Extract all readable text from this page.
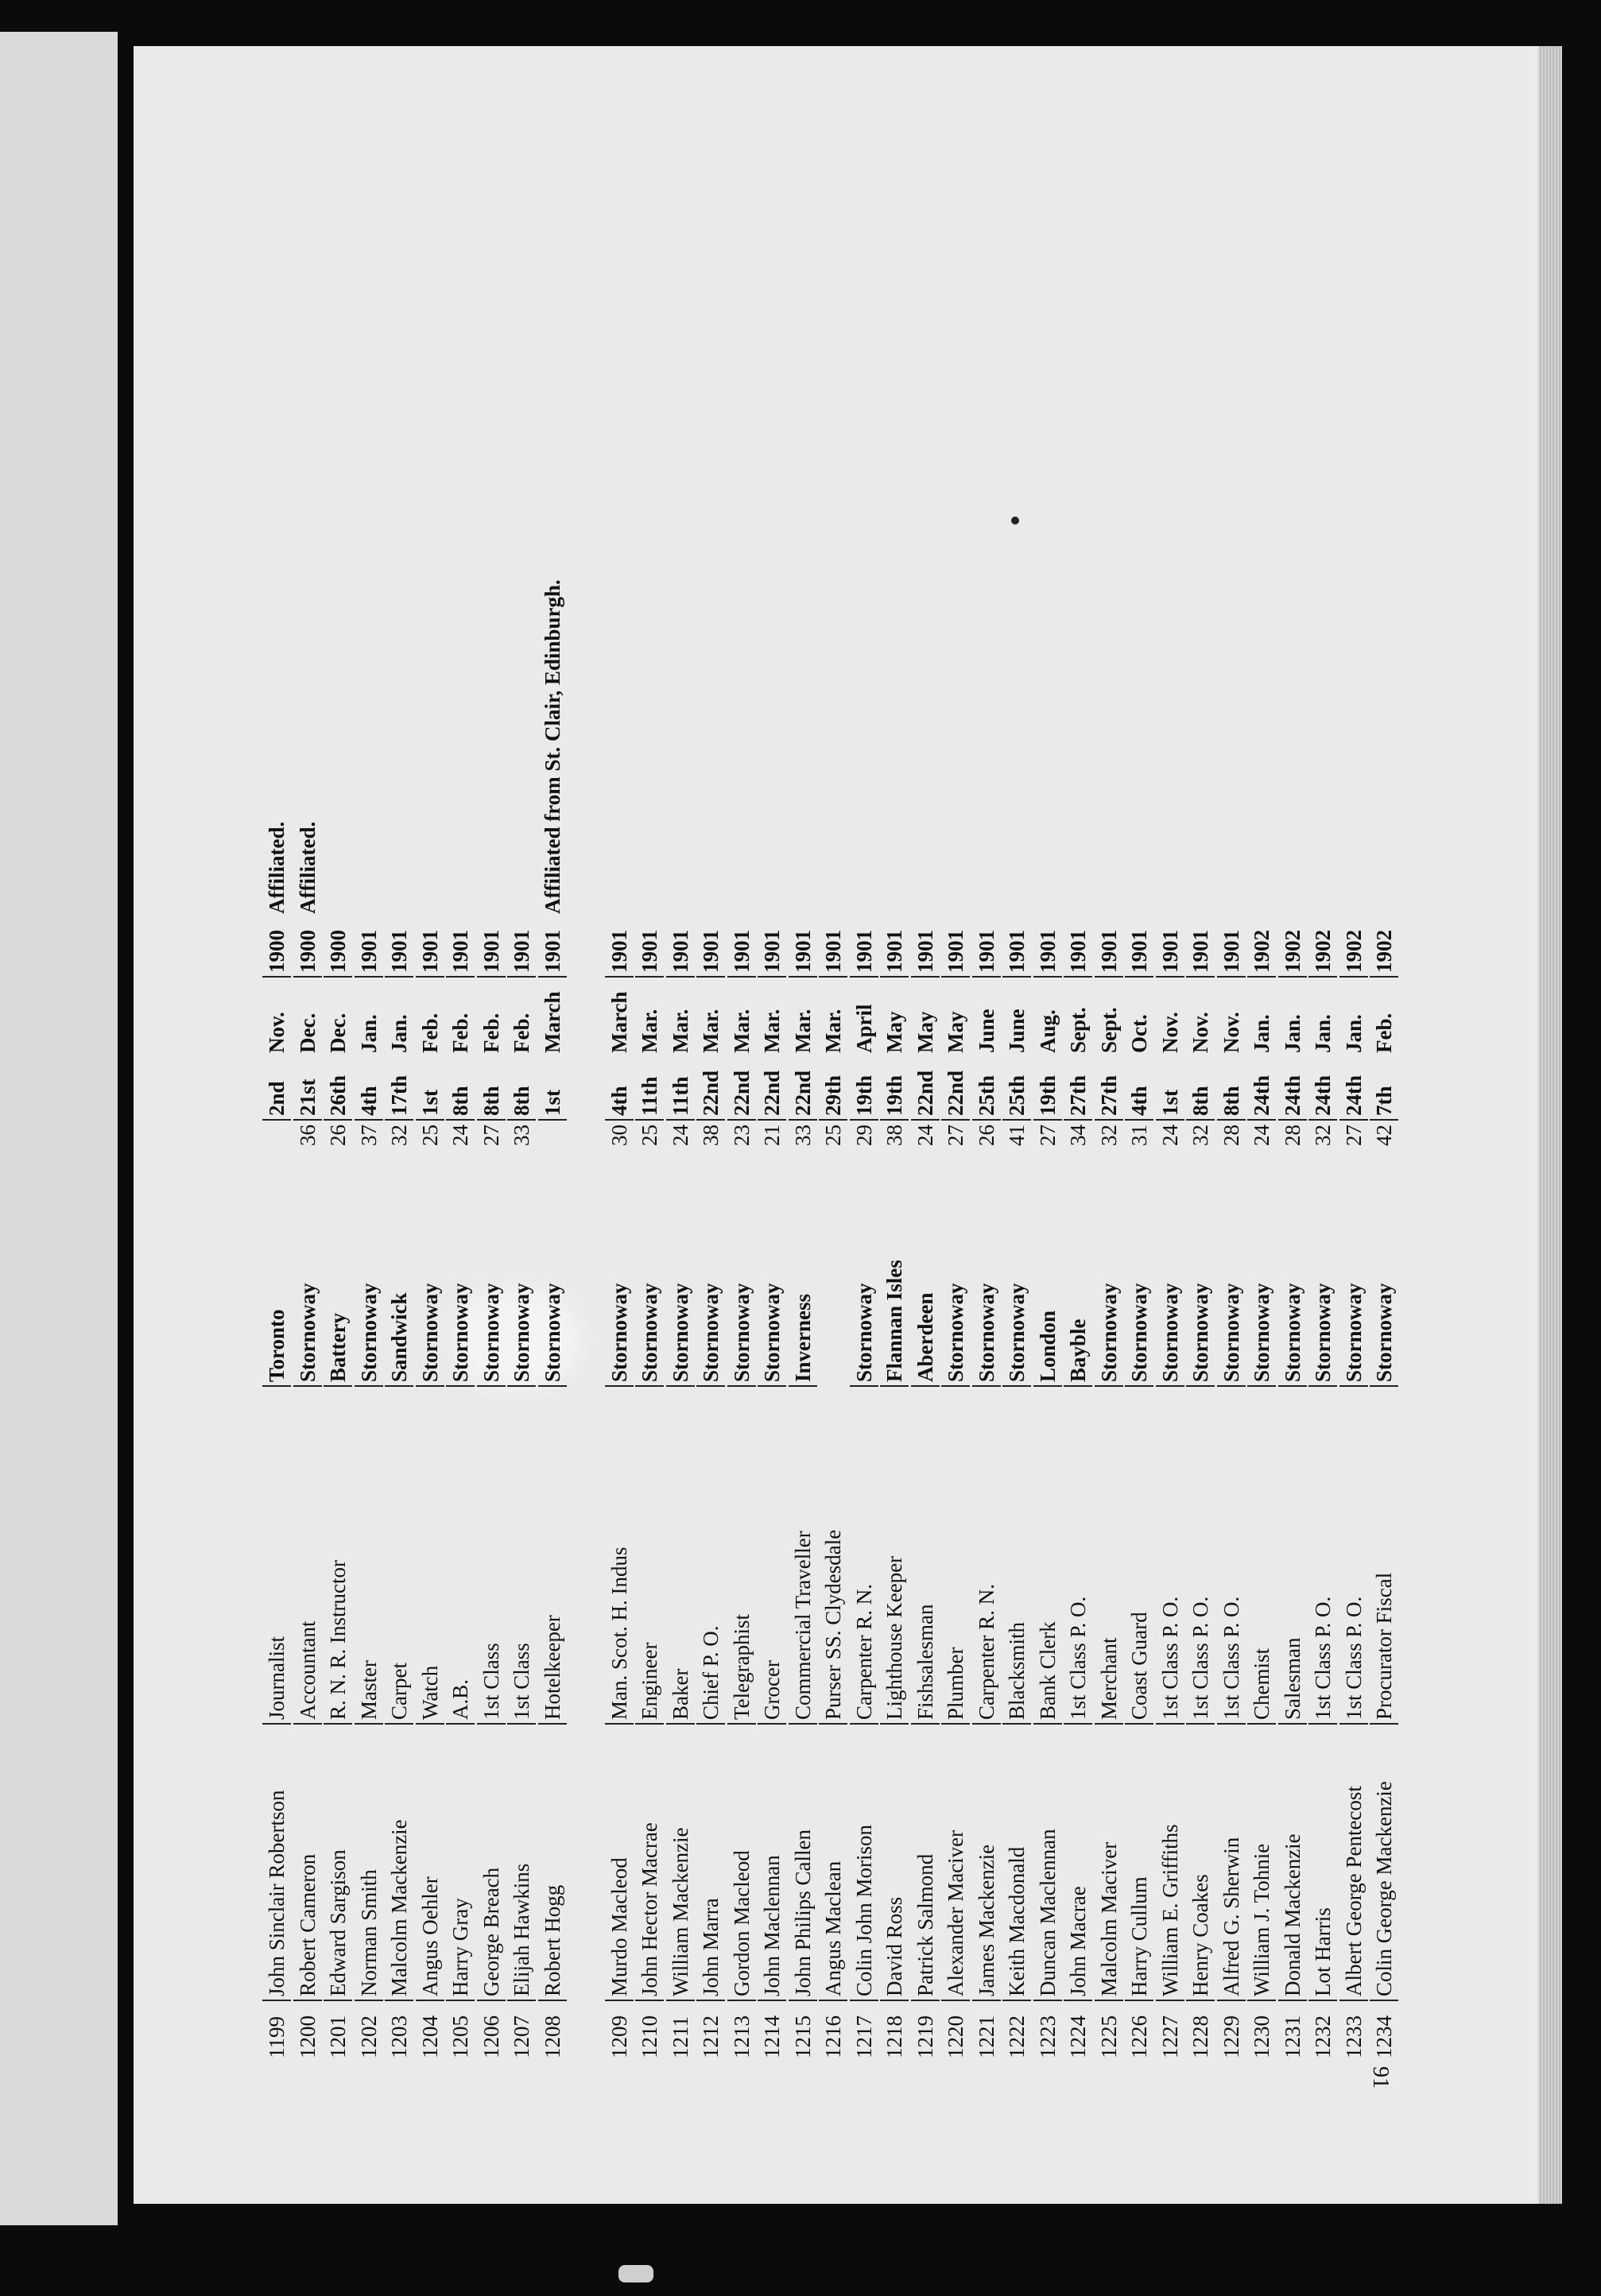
91
1199
John Sinclair Robertson
Journalist
Toronto
2nd
Nov.
1900
Affiliated.
1200
Robert Cameron
Accountant
Stornoway
36
21st
Dec.
1900
Affiliated.
1201
Edward Sargison
R. N. R. Instructor
Battery
26
26th
Dec.
1900
1202
Norman Smith
Master
Stornoway
37
4th
Jan.
1901
1203
Malcolm Mackenzie
Carpet
Sandwick
32
17th
Jan.
1901
1204
Angus Oehler
Watch
Stornoway
25
1st
Feb.
1901
1205
Harry Gray
A.B.
Stornoway
24
8th
Feb.
1901
1206
George Breach
1st Class
Stornoway
27
8th
Feb.
1901
1207
Elijah Hawkins
1st Class
Stornoway
33
8th
Feb.
1901
1208
Robert Hogg
Hotelkeeper
Stornoway
1st
March
1901
Affiliated from St. Clair, Edinburgh.
1209
Murdo Macleod
Man. Scot. H. Indus
Stornoway
30
4th
March
1901
1210
John Hector Macrae
Engineer
Stornoway
25
11th
Mar.
1901
1211
William Mackenzie
Baker
Stornoway
24
11th
Mar.
1901
1212
John Marra
Chief P. O.
Stornoway
38
22nd
Mar.
1901
1213
Gordon Macleod
Telegraphist
Stornoway
23
22nd
Mar.
1901
1214
John Maclennan
Grocer
Stornoway
21
22nd
Mar.
1901
1215
John Philips Callen
Commercial Traveller
Inverness
33
22nd
Mar.
1901
1216
Angus Maclean
Purser SS. Clydesdale
25
29th
Mar.
1901
1217
Colin John Morison
Carpenter R. N.
Stornoway
29
19th
April
1901
1218
David Ross
Lighthouse Keeper
Flannan Isles
38
19th
May
1901
1219
Patrick Salmond
Fishsalesman
Aberdeen
24
22nd
May
1901
1220
Alexander Maciver
Plumber
Stornoway
27
22nd
May
1901
1221
James Mackenzie
Carpenter R. N.
Stornoway
26
25th
June
1901
1222
Keith Macdonald
Blacksmith
Stornoway
41
25th
June
1901
1223
Duncan Maclennan
Bank Clerk
London
27
19th
Aug.
1901
1224
John Macrae
1st Class P. O.
Bayble
34
27th
Sept.
1901
1225
Malcolm Maciver
Merchant
Stornoway
32
27th
Sept.
1901
1226
Harry Cullum
Coast Guard
Stornoway
31
4th
Oct.
1901
1227
William E. Griffiths
1st Class P. O.
Stornoway
24
1st
Nov.
1901
1228
Henry Coakes
1st Class P. O.
Stornoway
32
8th
Nov.
1901
1229
Alfred G. Sherwin
1st Class P. O.
Stornoway
28
8th
Nov.
1901
1230
William J. Tohnie
Chemist
Stornoway
24
24th
Jan.
1902
1231
Donald Mackenzie
Salesman
Stornoway
28
24th
Jan.
1902
1232
Lot Harris
1st Class P. O.
Stornoway
32
24th
Jan.
1902
1233
Albert George Pentecost
1st Class P. O.
Stornoway
27
24th
Jan.
1902
1234
Colin George Mackenzie
Procurator Fiscal
Stornoway
42
7th
Feb.
1902
